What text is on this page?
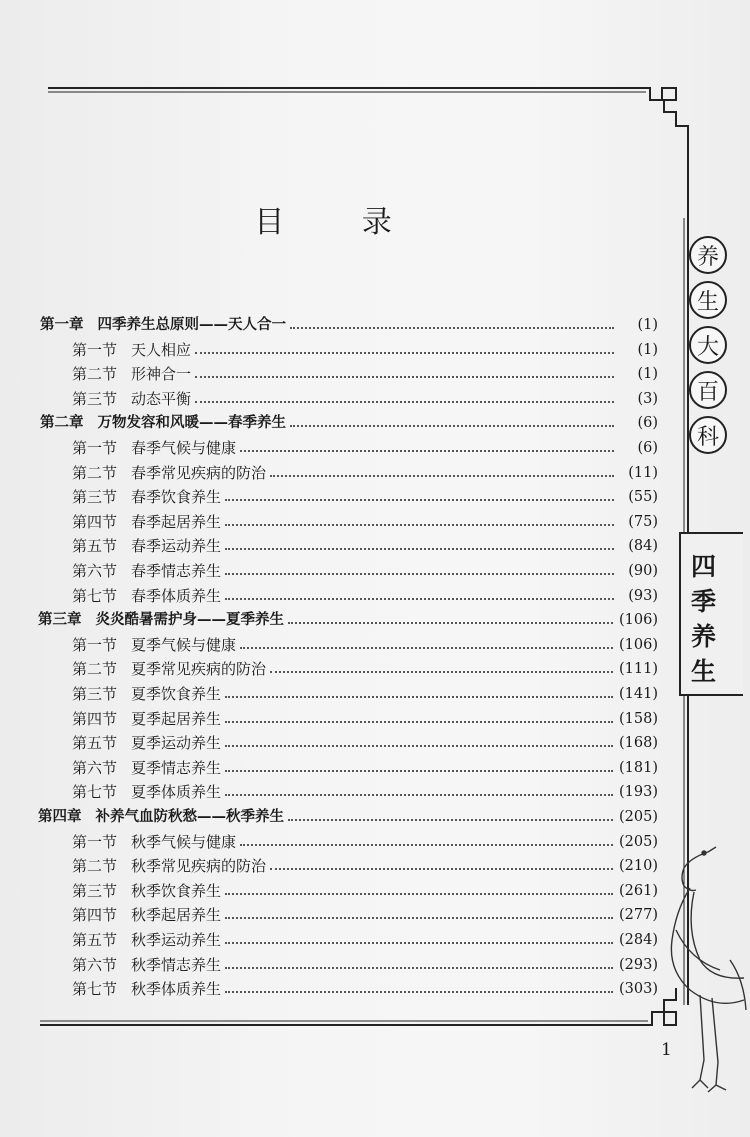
目 录
养
生
大
百
科
四
季
养
生
第一章 四季养生总原则——天人合一	(1)
第一节 天人相应	(1)
第二节 形神合一	(1)
第三节 动态平衡	(3)
第二章 万物发容和风暖——春季养生	(6)
第一节 春季气候与健康	(6)
第二节 春季常见疾病的防治	(11)
第三节 春季饮食养生	(55)
第四节 春季起居养生	(75)
第五节 春季运动养生	(84)
第六节 春季情志养生	(90)
第七节 春季体质养生	(93)
第三章 炎炎酷暑需护身——夏季养生	(106)
第一节 夏季气候与健康	(106)
第二节 夏季常见疾病的防治	(111)
第三节 夏季饮食养生	(141)
第四节 夏季起居养生	(158)
第五节 夏季运动养生	(168)
第六节 夏季情志养生	(181)
第七节 夏季体质养生	(193)
第四章 补养气血防秋愁——秋季养生	(205)
第一节 秋季气候与健康	(205)
第二节 秋季常见疾病的防治	(210)
第三节 秋季饮食养生	(261)
第四节 秋季起居养生	(277)
第五节 秋季运动养生	(284)
第六节 秋季情志养生	(293)
第七节 秋季体质养生	(303)
1
